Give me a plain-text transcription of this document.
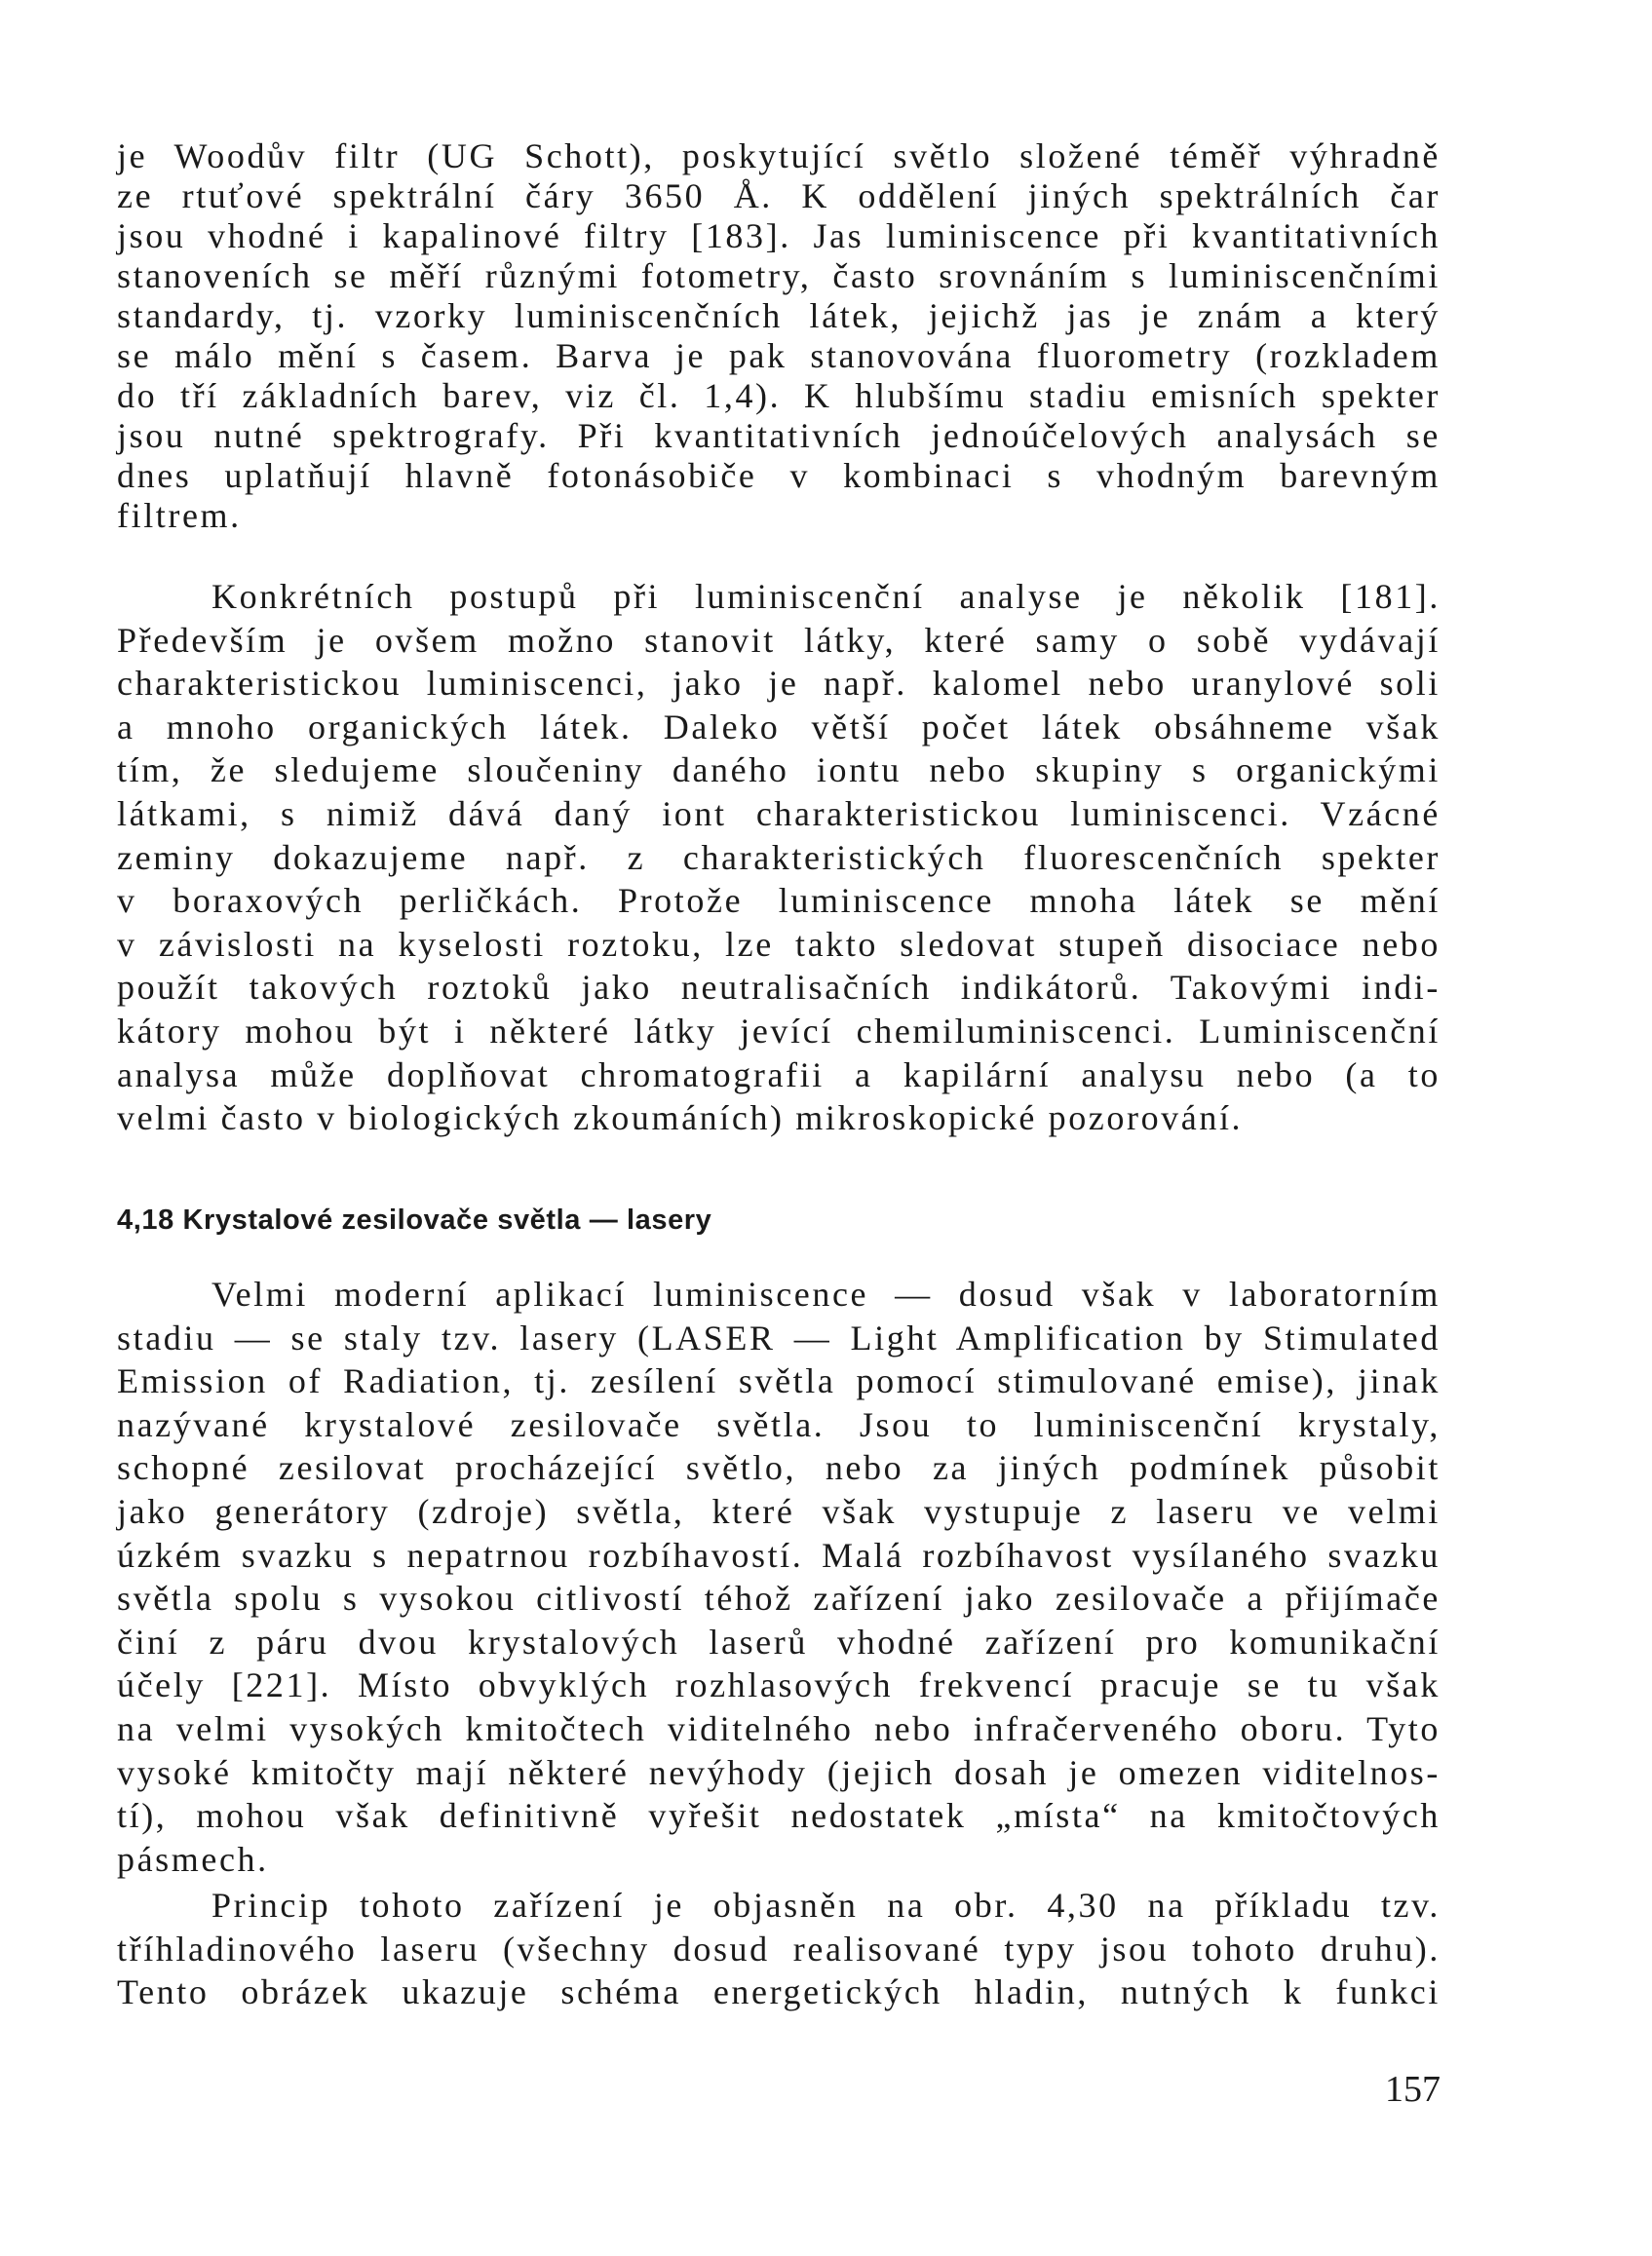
je Woodův filtr (UG Schott), poskytující světlo složené téměř výhradně
ze rtuťové spektrální čáry 3650 Å. K oddělení jiných spektrálních čar
jsou vhodné i kapalinové filtry [183]. Jas luminiscence při kvantitativních
stanoveních se měří různými fotometry, často srovnáním s luminiscenčními
standardy, tj. vzorky luminiscenčních látek, jejichž jas je znám a který
se málo mění s časem. Barva je pak stanovována fluorometry (rozkladem
do tří základních barev, viz čl. 1,4). K hlubšímu stadiu emisních spekter
jsou nutné spektrografy. Při kvantitativních jednoúčelových analysách se
dnes uplatňují hlavně fotonásobiče v kombinaci s vhodným barevným
filtrem.
Konkrétních postupů při luminiscenční analyse je několik [181].
Především je ovšem možno stanovit látky, které samy o sobě vydávají
charakteristickou luminiscenci, jako je např. kalomel nebo uranylové soli
a mnoho organických látek. Daleko větší počet látek obsáhneme však
tím, že sledujeme sloučeniny daného iontu nebo skupiny s organickými
látkami, s nimiž dává daný iont charakteristickou luminiscenci. Vzácné
zeminy dokazujeme např. z charakteristických fluorescenčních spekter
v boraxových perličkách. Protože luminiscence mnoha látek se mění
v závislosti na kyselosti roztoku, lze takto sledovat stupeň disociace nebo
použít takových roztoků jako neutralisačních indikátorů. Takovými indi-
kátory mohou být i některé látky jevící chemiluminiscenci. Luminiscenční
analysa může doplňovat chromatografii a kapilární analysu nebo (a to
velmi často v biologických zkoumáních) mikroskopické pozorování.
4,18 Krystalové zesilovače světla — lasery
Velmi moderní aplikací luminiscence — dosud však v laboratorním
stadiu — se staly tzv. lasery (LASER — Light Amplification by Stimulated
Emission of Radiation, tj. zesílení světla pomocí stimulované emise), jinak
nazývané krystalové zesilovače světla. Jsou to luminiscenční krystaly,
schopné zesilovat procházející světlo, nebo za jiných podmínek působit
jako generátory (zdroje) světla, které však vystupuje z laseru ve velmi
úzkém svazku s nepatrnou rozbíhavostí. Malá rozbíhavost vysílaného svazku
světla spolu s vysokou citlivostí téhož zařízení jako zesilovače a přijímače
činí z páru dvou krystalových laserů vhodné zařízení pro komunikační
účely [221]. Místo obvyklých rozhlasových frekvencí pracuje se tu však
na velmi vysokých kmitočtech viditelného nebo infračerveného oboru. Tyto
vysoké kmitočty mají některé nevýhody (jejich dosah je omezen viditelnos-
tí), mohou však definitivně vyřešit nedostatek „místa“ na kmitočtových
pásmech.
Princip tohoto zařízení je objasněn na obr. 4,30 na příkladu tzv.
tříhladinového laseru (všechny dosud realisované typy jsou tohoto druhu).
Tento obrázek ukazuje schéma energetických hladin, nutných k funkci
157
